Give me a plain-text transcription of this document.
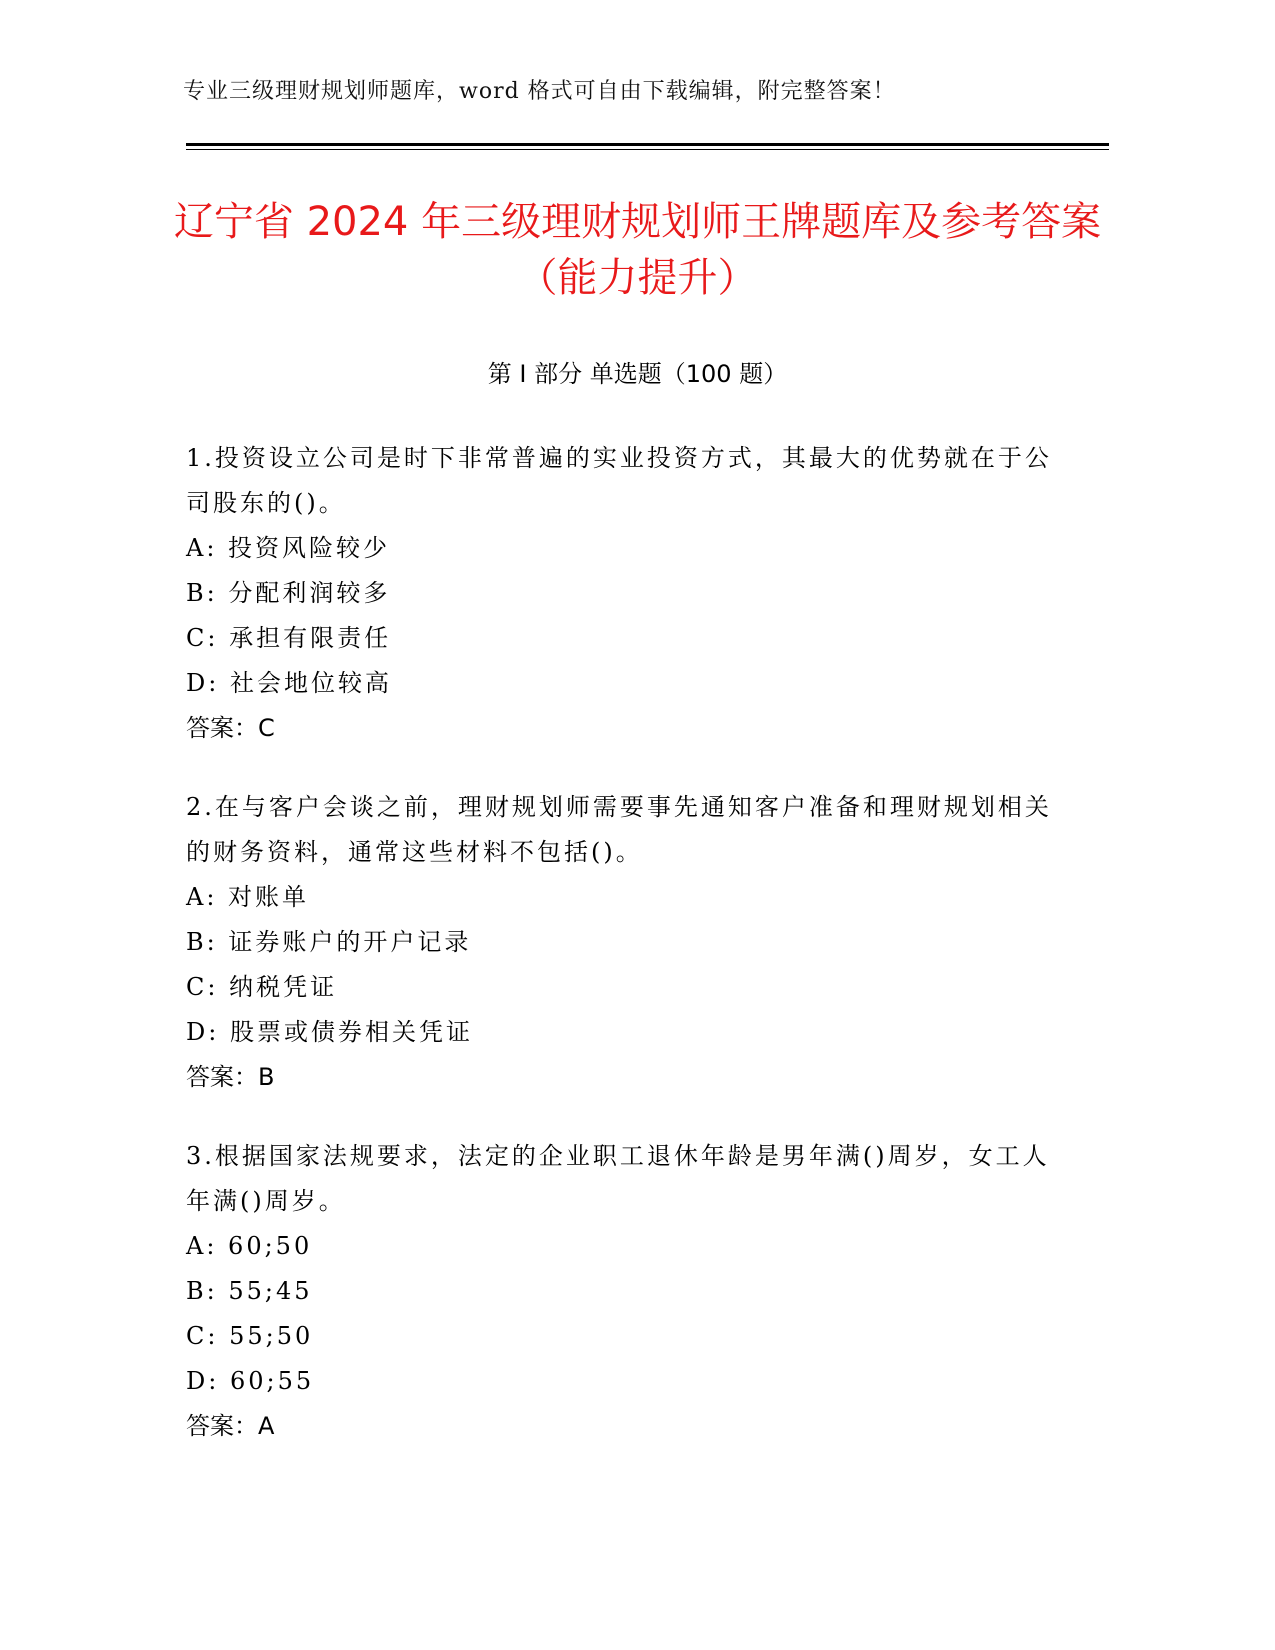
专业三级理财规划师题库，word 格式可自由下载编辑，附完整答案！
辽宁省 2024 年三级理财规划师王牌题库及参考答案（能力提升）
第 I 部分 单选题（100 题）

1.投资设立公司是时下非常普遍的实业投资方式，其最大的优势就在于公司股东的()。

A: 投资风险较少

B: 分配利润较多

C: 承担有限责任

D: 社会地位较高

答案：C

2.在与客户会谈之前，理财规划师需要事先通知客户准备和理财规划相关的财务资料，通常这些材料不包括()。

A: 对账单

B: 证券账户的开户记录

C: 纳税凭证

D: 股票或债券相关凭证

答案：B

3.根据国家法规要求，法定的企业职工退休年龄是男年满()周岁，女工人年满()周岁。

A: 60;50

B: 55;45

C: 55;50

D: 60;55

答案：A
